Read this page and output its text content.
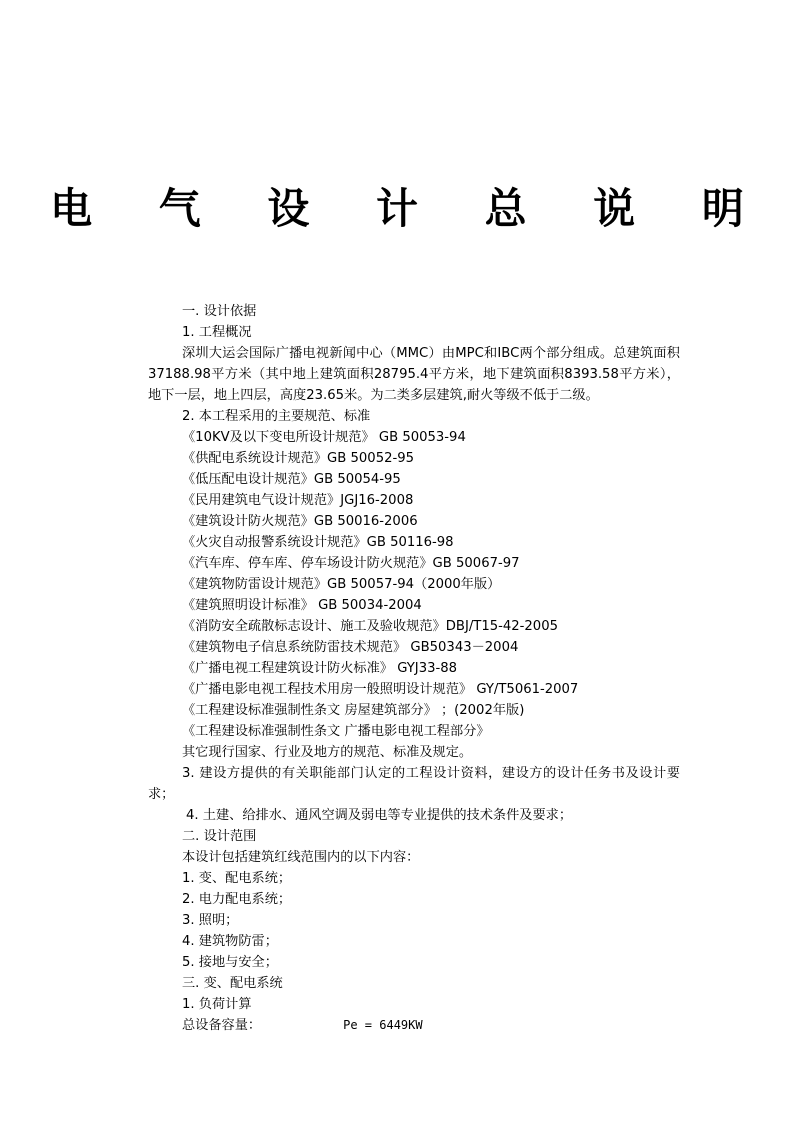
电 气 设 计 总 说 明

一. 设计依据

1. 工程概况

深圳大运会国际广播电视新闻中心（MMC）由MPC和IBC两个部分组成。总建筑面积37188.98平方米（其中地上建筑面积28795.4平方米，地下建筑面积8393.58平方米），地下一层，地上四层，高度23.65米。为二类多层建筑,耐火等级不低于二级。

2. 本工程采用的主要规范、标准

《10KV及以下变电所设计规范》 GB 50053-94

《供配电系统设计规范》GB 50052-95

《低压配电设计规范》GB 50054-95

《民用建筑电气设计规范》JGJ16-2008

《建筑设计防火规范》GB 50016-2006

《火灾自动报警系统设计规范》GB 50116-98

《汽车库、停车库、停车场设计防火规范》GB 50067-97

《建筑物防雷设计规范》GB 50057-94（2000年版）

《建筑照明设计标准》 GB 50034-2004

《消防安全疏散标志设计、施工及验收规范》DBJ/T15-42-2005

《建筑物电子信息系统防雷技术规范》 GB50343－2004

《广播电视工程建筑设计防火标准》 GYJ33-88

《广播电影电视工程技术用房一般照明设计规范》 GY/T5061-2007

《工程建设标准强制性条文 房屋建筑部分》 ；(2002年版)

《工程建设标准强制性条文 广播电影电视工程部分》

其它现行国家、行业及地方的规范、标准及规定。

3. 建设方提供的有关职能部门认定的工程设计资料，建设方的设计任务书及设计要求；

4. 土建、给排水、通风空调及弱电等专业提供的技术条件及要求；

二. 设计范围

本设计包括建筑红线范围内的以下内容：

1. 变、配电系统；

2. 电力配电系统；

3. 照明；

4. 建筑物防雷；

5. 接地与安全；

三. 变、配电系统

1. 负荷计算

总设备容量：	Pe = 6449KW
